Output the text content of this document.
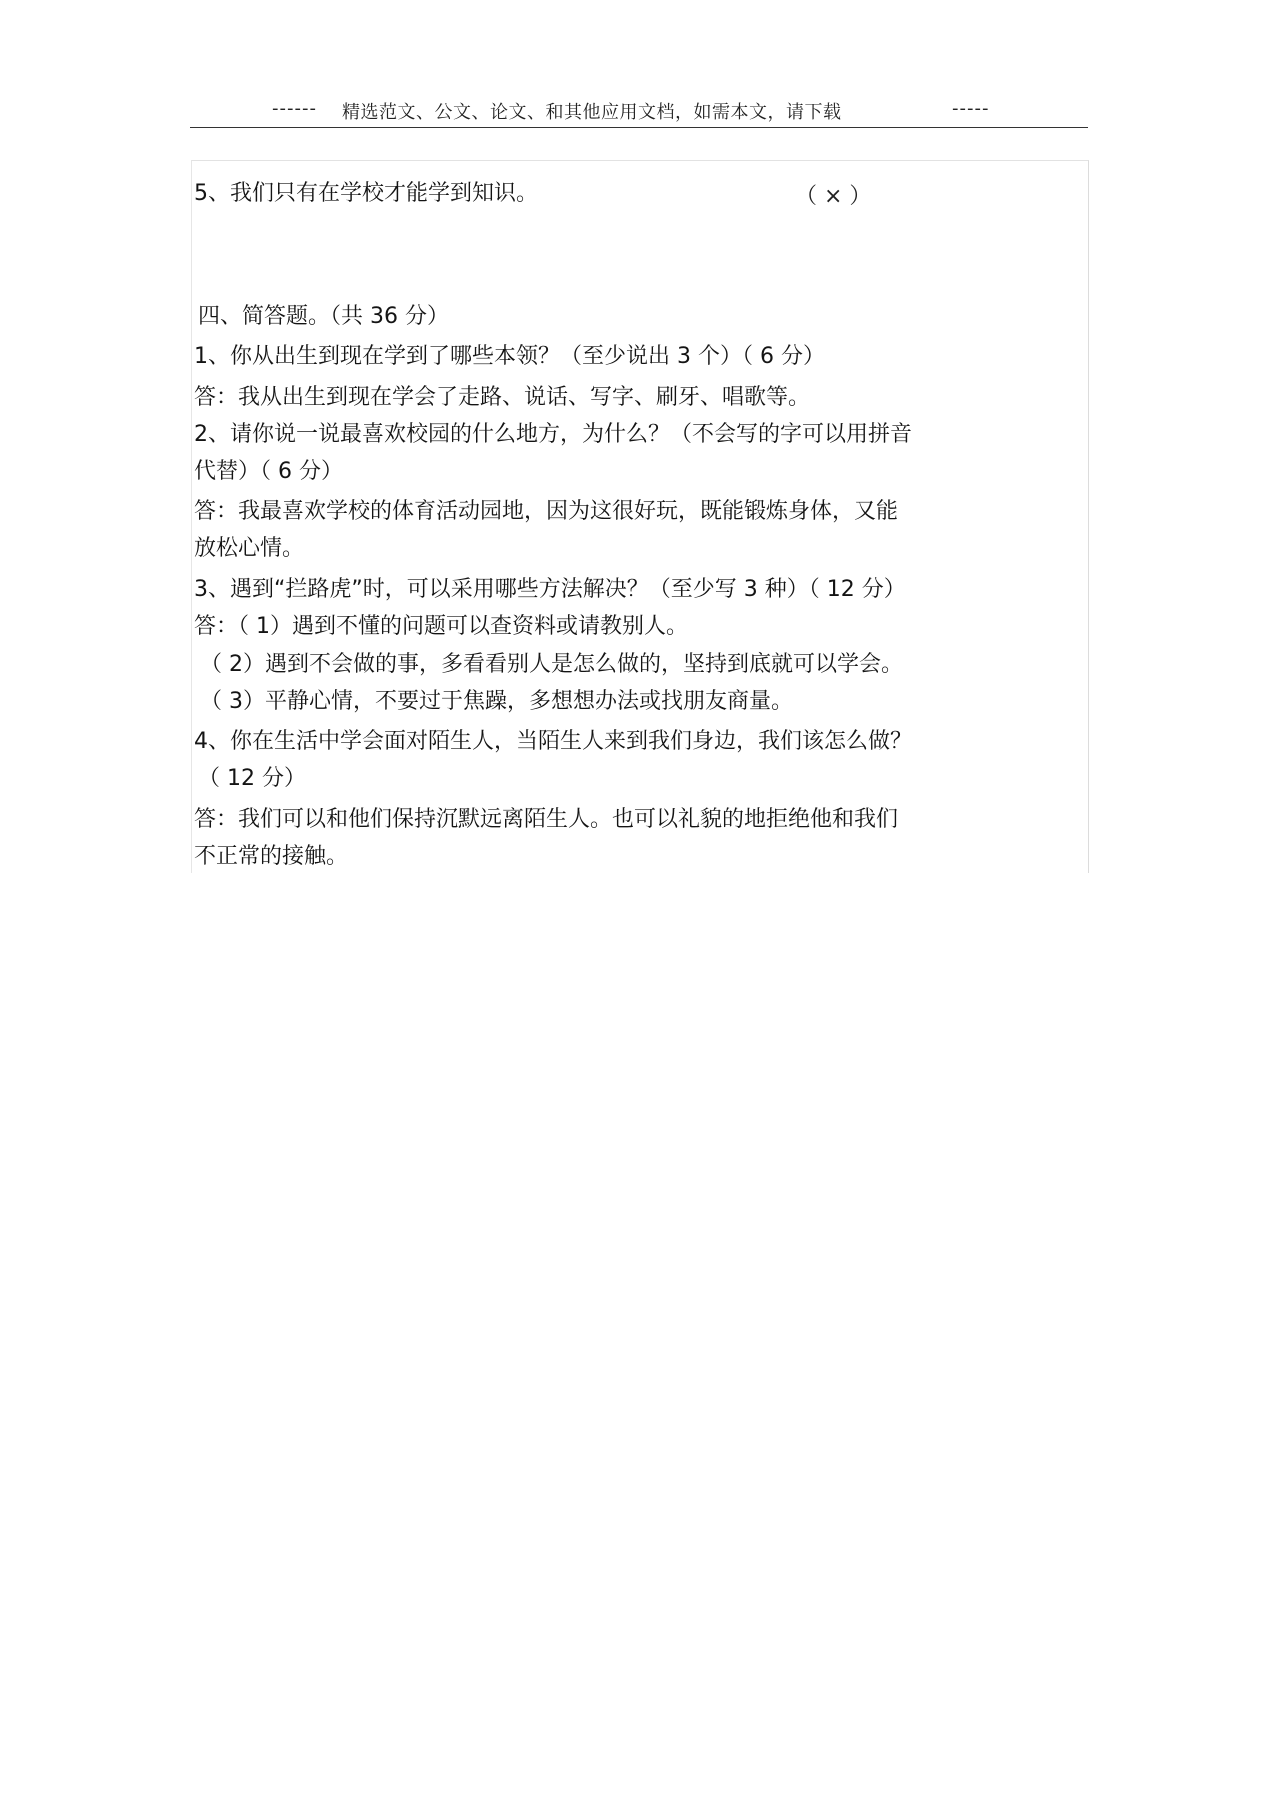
------ 精选范文、公文、论文、和其他应用文档，如需本文，请下载	-----
5、我们只有在学校才能学到知识。	（ × ）
四、简答题。（共 36 分）
1、你从出生到现在学到了哪些本领？（至少说出 3 个）（ 6 分）
答：我从出生到现在学会了走路、说话、写字、刷牙、唱歌等。
2、请你说一说最喜欢校园的什么地方，为什么？（不会写的字可以用拼音
代替）（ 6 分）
答：我最喜欢学校的体育活动园地，因为这很好玩，既能锻炼身体，又能
放松心情。
3、遇到“拦路虎”时，可以采用哪些方法解决？（至少写 3 种）（ 12 分）
答：（ 1）遇到不懂的问题可以查资料或请教别人。
（ 2）遇到不会做的事，多看看别人是怎么做的，坚持到底就可以学会。
（ 3）平静心情，不要过于焦躁，多想想办法或找朋友商量。
4、你在生活中学会面对陌生人，当陌生人来到我们身边，我们该怎么做？
（ 12 分）
答：我们可以和他们保持沉默远离陌生人。也可以礼貌的地拒绝他和我们
不正常的接触。
